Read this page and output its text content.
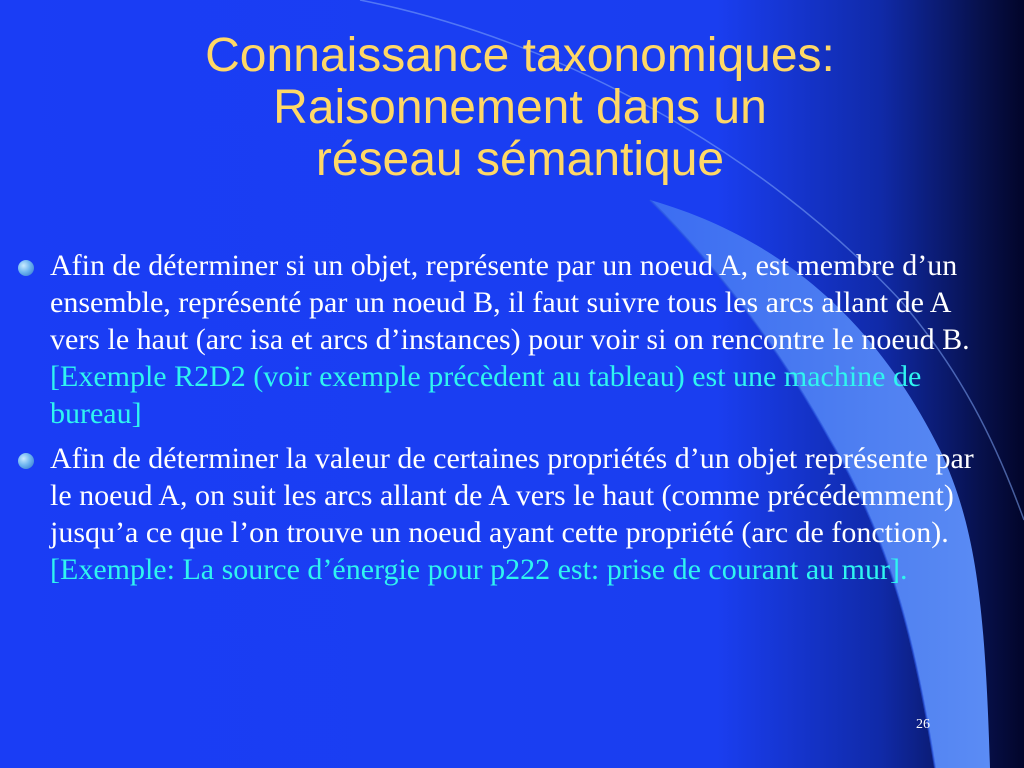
Connaissance taxonomiques:
Raisonnement dans un
réseau sémantique
Afin de déterminer si un objet, représente par un noeud A, est membre d’un ensemble, représenté par un noeud B, il faut suivre tous les arcs allant de A vers le haut (arc isa et arcs d’instances) pour voir si on rencontre le noeud B. [Exemple R2D2 (voir exemple précèdent au tableau) est une machine de bureau]
Afin de déterminer la valeur de certaines propriétés d’un objet représente par le noeud A, on suit les arcs allant de A vers le haut (comme précédemment) jusqu’a ce que l’on trouve un noeud ayant cette propriété (arc de fonction). [Exemple: La source d’énergie pour p222 est: prise de courant au mur].
26
